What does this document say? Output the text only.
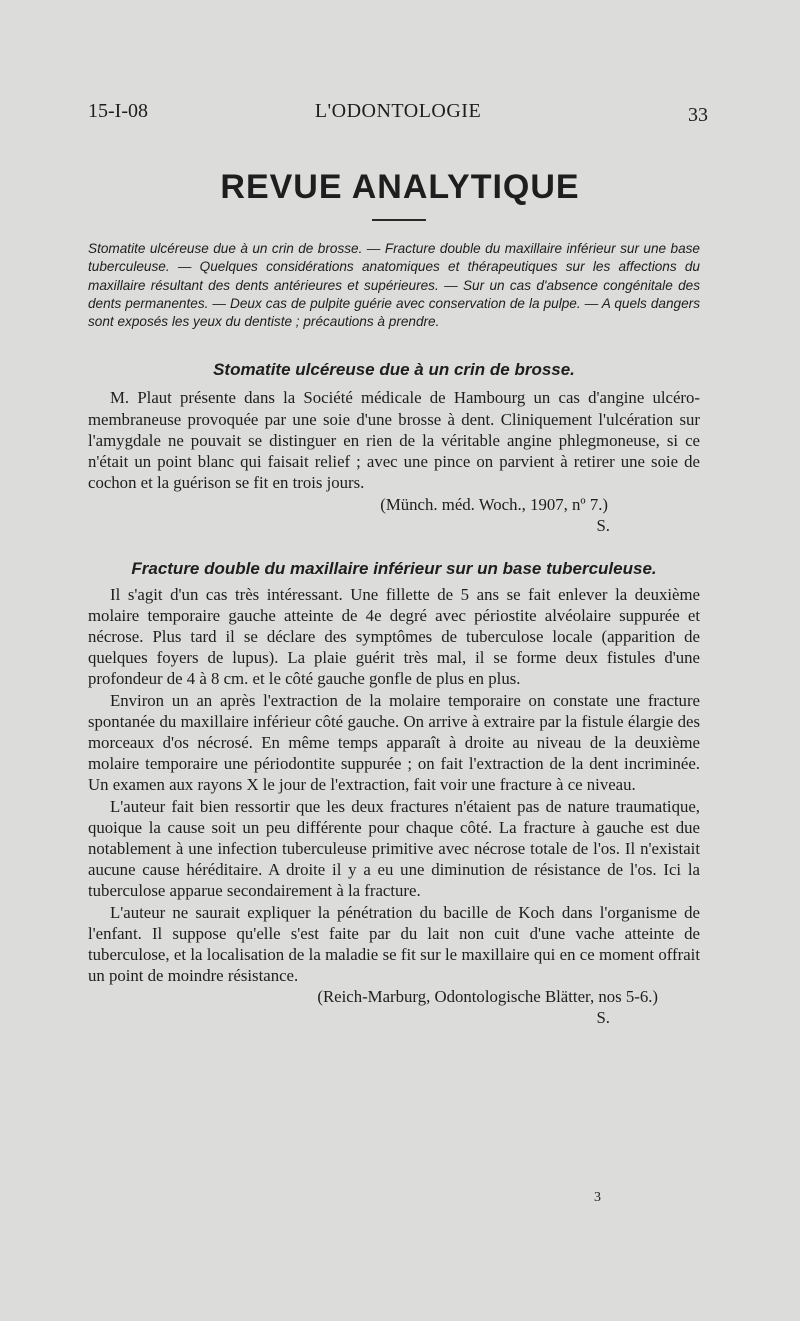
15-I-08	L'ODONTOLOGIE	33
REVUE ANALYTIQUE

Stomatite ulcéreuse due à un crin de brosse. — Fracture double du maxillaire inférieur sur une base tuberculeuse. — Quelques considérations anatomiques et thérapeutiques sur les affections du maxillaire résultant des dents antérieures et supérieures. — Sur un cas d'absence congénitale des dents permanentes. — Deux cas de pulpite guérie avec conservation de la pulpe. — A quels dangers sont exposés les yeux du dentiste ; précautions à prendre.

Stomatite ulcéreuse due à un crin de brosse.

M. Plaut présente dans la Société médicale de Hambourg un cas d'angine ulcéro-membraneuse provoquée par une soie d'une brosse à dent. Cliniquement l'ulcération sur l'amygdale ne pouvait se distinguer en rien de la véritable angine phlegmoneuse, si ce n'était un point blanc qui faisait relief ; avec une pince on parvient à retirer une soie de cochon et la guérison se fit en trois jours.

(Münch. méd. Woch., 1907, nº 7.)

S.

Fracture double du maxillaire inférieur sur un base tuberculeuse.

Il s'agit d'un cas très intéressant. Une fillette de 5 ans se fait enlever la deuxième molaire temporaire gauche atteinte de 4e degré avec périostite alvéolaire suppurée et nécrose. Plus tard il se déclare des symptômes de tuberculose locale (apparition de quelques foyers de lupus). La plaie guérit très mal, il se forme deux fistules d'une profondeur de 4 à 8 cm. et le côté gauche gonfle de plus en plus.

Environ un an après l'extraction de la molaire temporaire on constate une fracture spontanée du maxillaire inférieur côté gauche. On arrive à extraire par la fistule élargie des morceaux d'os nécrosé. En même temps apparaît à droite au niveau de la deuxième molaire temporaire une périodontite suppurée ; on fait l'extraction de la dent incriminée. Un examen aux rayons X le jour de l'extraction, fait voir une fracture à ce niveau.

L'auteur fait bien ressortir que les deux fractures n'étaient pas de nature traumatique, quoique la cause soit un peu différente pour chaque côté. La fracture à gauche est due notablement à une infection tuberculeuse primitive avec nécrose totale de l'os. Il n'existait aucune cause héréditaire. A droite il y a eu une diminution de résistance de l'os. Ici la tuberculose apparue secondairement à la fracture.

L'auteur ne saurait expliquer la pénétration du bacille de Koch dans l'organisme de l'enfant. Il suppose qu'elle s'est faite par du lait non cuit d'une vache atteinte de tuberculose, et la localisation de la maladie se fit sur le maxillaire qui en ce moment offrait un point de moindre résistance.

(Reich-Marburg, Odontologische Blätter, nos 5-6.)

S.

3
